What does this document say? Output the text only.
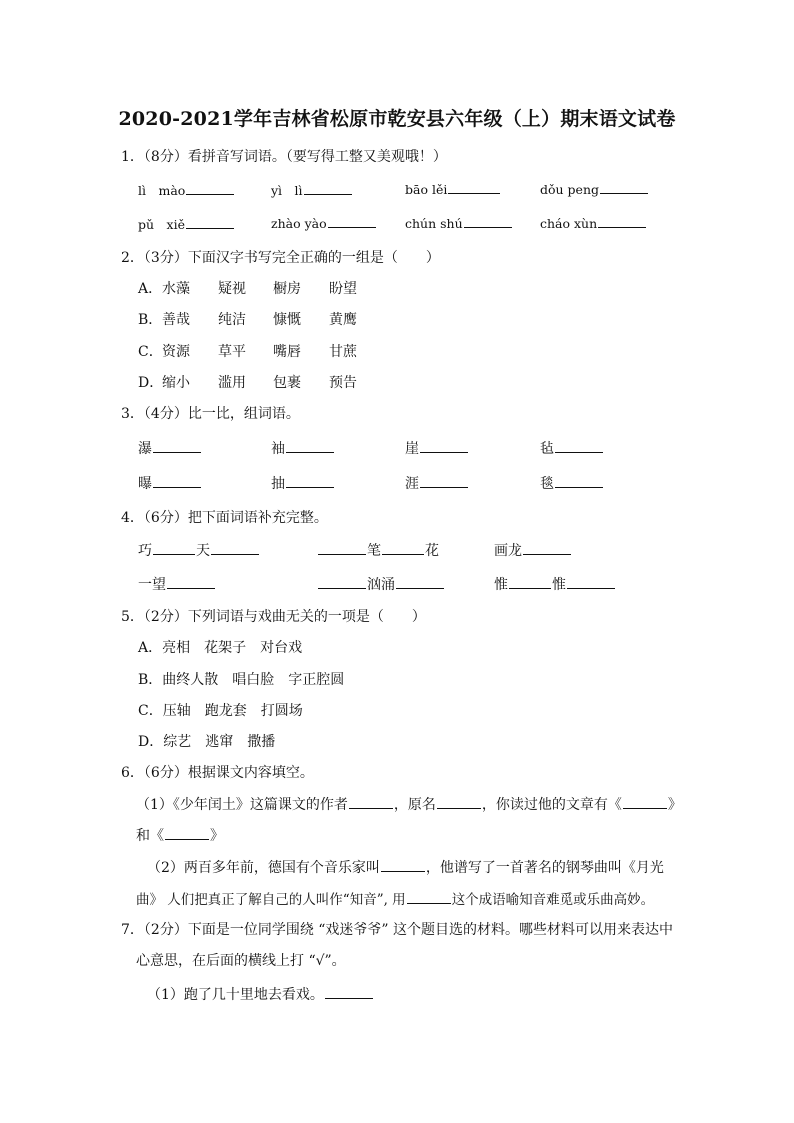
2020-2021学年吉林省松原市乾安县六年级（上）期末语文试卷
1．（8分）看拼音写词语。（要写得工整又美观哦！）
lì　mào	yì　lì	bāo lěi	dǒu peng
pǔ　xiě	zhào yào	chún shú	cháo xùn
2．（3分）下面汉字书写完全正确的一组是（　　）
A． 水藻 疑视 橱房 盼望
B． 善哉 纯洁 慷慨 黄鹰
C． 资源 草平 嘴唇 甘蔗
D．
缩小 滥用 包裹 预告
3．（4分）比一比，组词语。
瀑	袖	崖	毡
曝	抽	涯	毯
4．（6分）把下面词语补充完整。
巧	天	笔	花	画龙
一望	汹涌	惟	惟
5．（2分）下列词语与戏曲无关的一项是（　　）
A．亮相　花架子　对台戏
B．曲终人散　唱白脸　字正腔圆
C．压轴　跑龙套　打圆场
D．综艺　逃窜　撒播
6．（6分）根据课文内容填空。
（1）《少年闰土》这篇课文的作者	，原名	，你读过他的文章有《	》
和《	》
（2）两百多年前，德国有个音乐家叫	，他谱写了一首著名的钢琴曲叫《月光
曲》 人们把真正了解自己的人叫作“知音”, 用	这个成语喻知音难觅或乐曲高妙。
7．（2分）下面是一位同学围绕 “戏迷爷爷” 这个题目选的材料。哪些材料可以用来表达中
心意思，在后面的横线上打 “√”。
（1）跑了几十里地去看戏。
